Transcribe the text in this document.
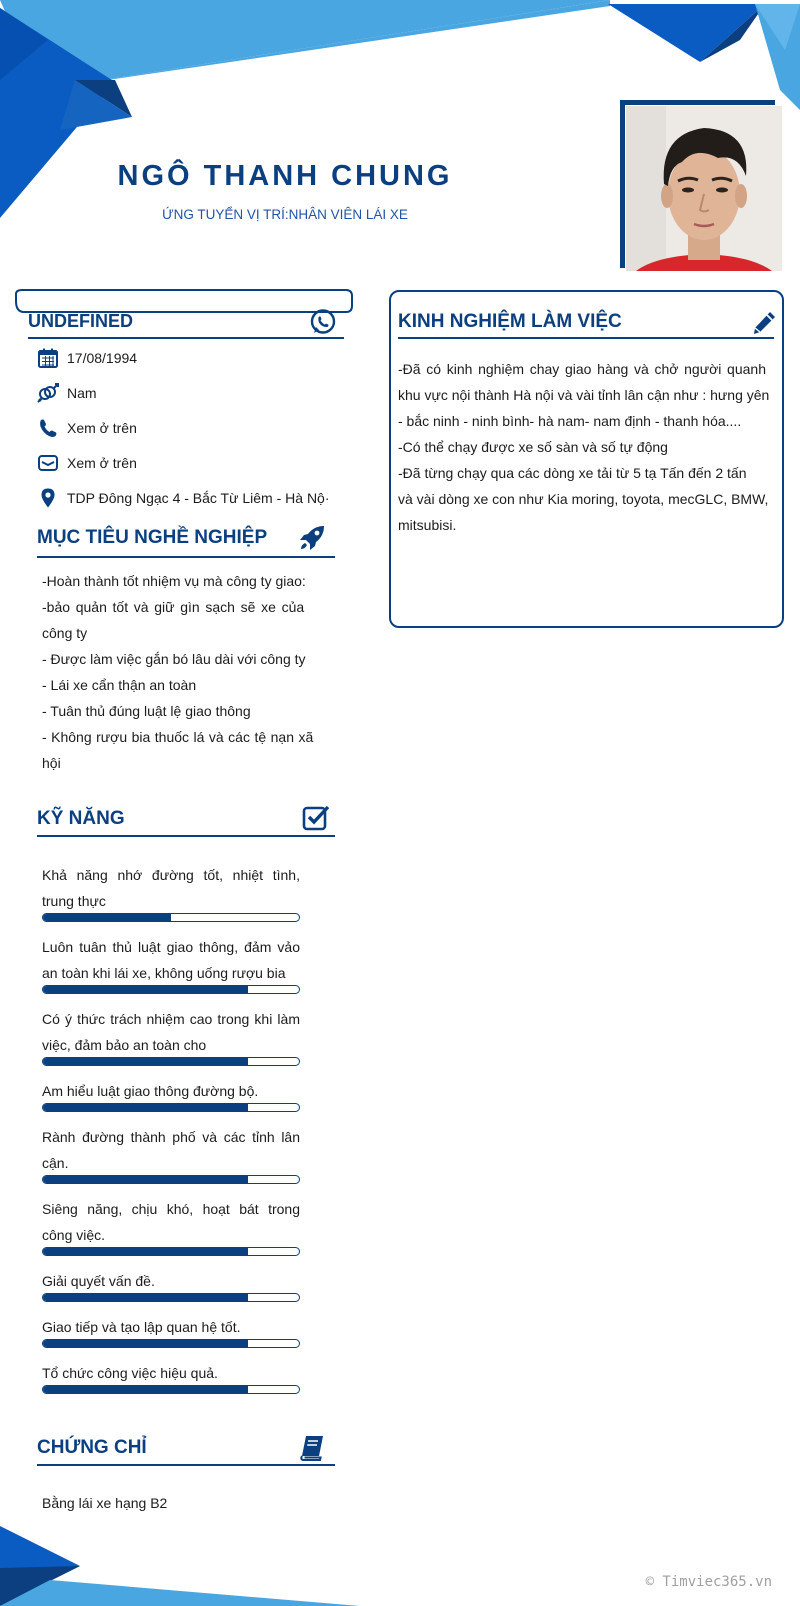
NGÔ THANH CHUNG
ỨNG TUYỂN VỊ TRÍ:NHÂN VIÊN LÁI XE
UNDEFINED
17/08/1994
Nam
Xem ở trên
Xem ở trên
TDP Đông Ngạc 4 - Bắc Từ Liêm - Hà Nộ·
MỤC TIÊU NGHỀ NGHIỆP
-Hoàn thành tốt nhiệm vụ mà công ty giao:
-bảo quản tốt và giữ gìn sạch sẽ xe của
công ty
- Được làm việc gắn bó lâu dài với công ty
- Lái xe cẩn thận an toàn
- Tuân thủ đúng luật lệ giao thông
- Không rượu bia thuốc lá và các tệ nạn xã
hội
KỸ NĂNG
Khả năng nhớ đường tốt, nhiệt tình, trung thực
Luôn tuân thủ luật giao thông, đảm vảo an toàn khi lái xe, không uống rượu bia
Có ý thức trách nhiệm cao trong khi làm việc, đảm bảo an toàn cho
Am hiểu luật giao thông đường bộ.
Rành đường thành phố và các tỉnh lân cận.
Siêng năng, chịu khó, hoạt bát trong công việc.
Giải quyết vấn đề.
Giao tiếp và tạo lập quan hệ tốt.
Tổ chức công việc hiệu quả.
CHỨNG CHỈ
Bằng lái xe hạng B2
KINH NGHIỆM LÀM VIỆC
-Đã có kinh nghiệm chay giao hàng và chở người quanh
khu vực nội thành Hà nội và vài tỉnh lân cận như : hưng yên
- bắc ninh - ninh bình- hà nam- nam định - thanh hóa....
-Có thể chạy được xe số sàn và số tự động
-Đã từng chạy qua các dòng xe tải từ 5 tạ Tấn đến 2 tấn
và vài dòng xe con như Kia moring, toyota, mecGLC, BMW,
mitsubisi.
© Timviec365.vn
